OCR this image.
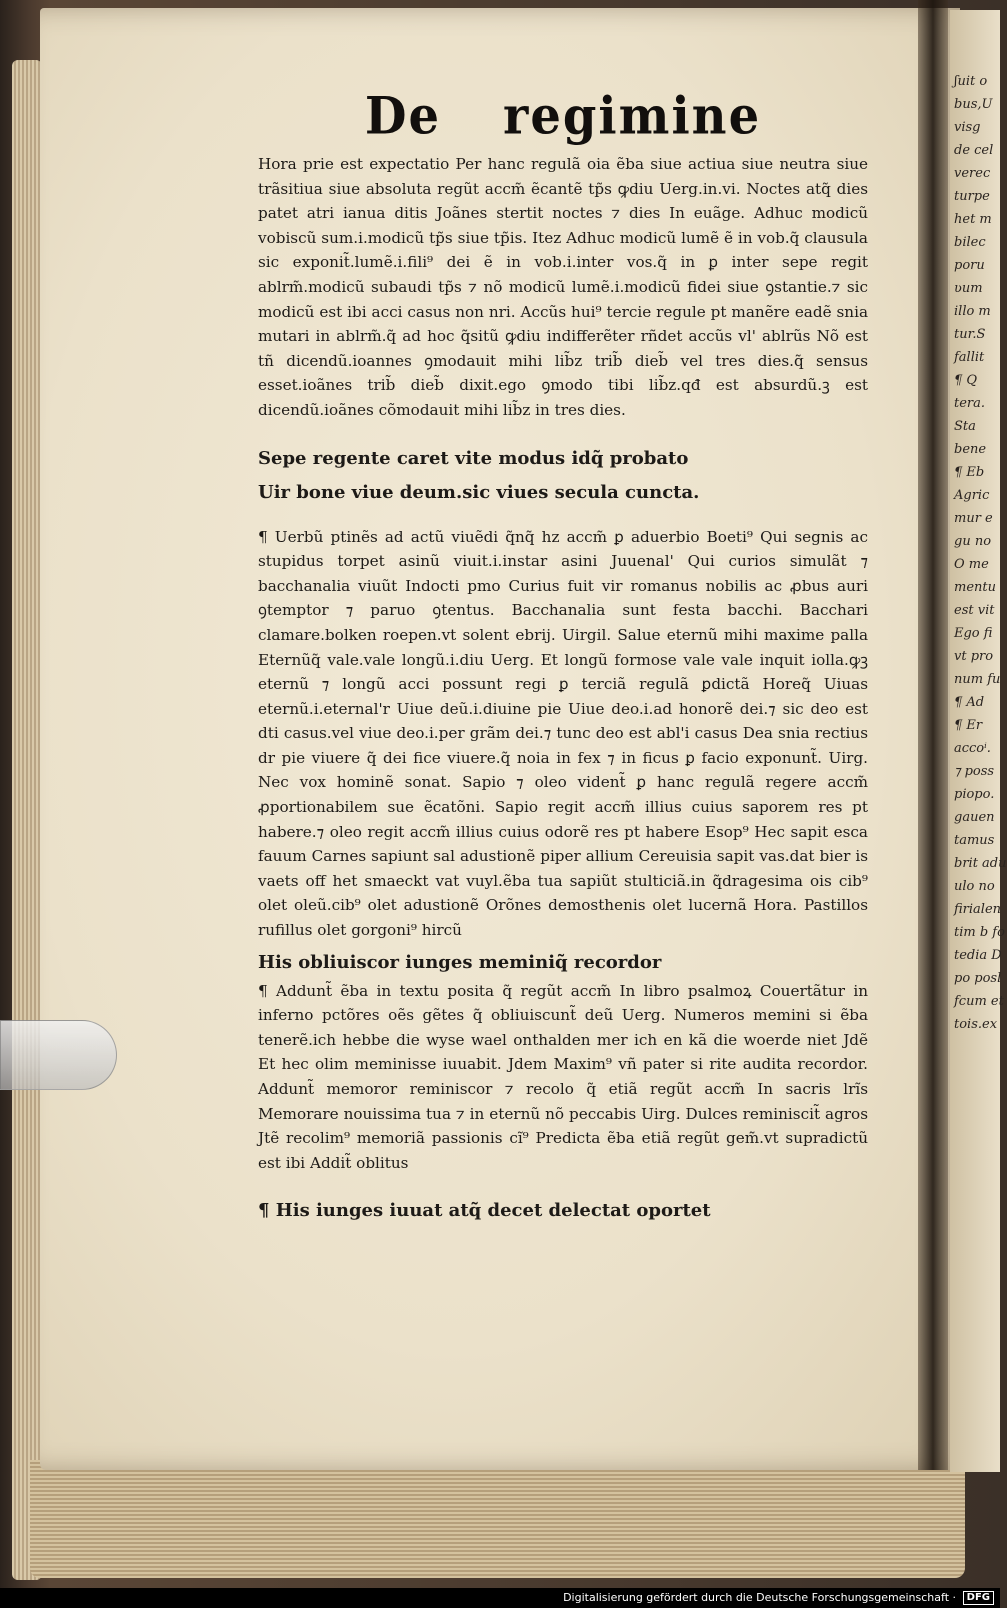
ʃuit o
bus,U
visg
de cel
verec
turpe
het m
bilec
poru
ʋum
illo m
tur.S
fallit
¶ Q
tera.
Sta
bene
¶ Eb
Agric
mur e
gu no
O me
mentu
est vit
Ego fi
vt pro
num fu
¶ Ad
¶ Er
accoⁱ.
⁊ poss
piopo.
gauen
tamus
brit adu
ulo no
firialen
tim b fo
tedia D
po posl
fcum et
tois.ex
De regimine

Hora prie est expectatio Per hanc regulã oia ẽba siue actiua siue neutra siue trãsitiua siue absoluta regũt accm̃ ẽcantẽ tp̃s ꝙdiu Uerg.in.vi. Noctes atq̃ dies patet atri ianua ditis Joãnes stertit noctes ⁊ dies In euãge. Adhuc modicũ vobiscũ sum.i.modicũ tp̃s siue tp̃is. Itez Adhuc modicũ lumẽ ẽ in vob.q̃ clausula sic exponit̃.lumẽ.i.fili⁹ dei ẽ in vob.i.inter vos.q̃ in ꝑ inter sepe regit ablrm̃.modicũ subaudi tp̃s ⁊ nõ modicũ lumẽ.i.modicũ fidei siue ꝯstantie.⁊ sic modicũ est ibi acci casus non nri. Accũs hui⁹ tercie regule pt manẽre eadẽ snia mutari in ablrm̃.q̃ ad hoc q̃sitũ ꝙdiu indifferẽter rñdet accũs vl' ablrũs Nõ est tñ dicendũ.ioannes ꝯmodauit mihi lib̃z trib̃ dieb̃ vel tres dies.q̃ sensus esset.ioãnes trib̃ dieb̃ dixit.ego ꝯmodo tibi lib̃z.qđ est absurdũ.ꝫ est dicendũ.ioãnes cõmodauit mihi lib̃z in tres dies.

Sepe regente caret vite modus idq̃ probato

Uir bone viue deum.sic viues secula cuncta.

¶ Uerbũ ptinẽs ad actũ viuẽdi q̃nq̃ hz accm̃ ꝑ aduerbio Boeti⁹ Qui segnis ac stupidus torpet asinũ viuit.i.instar asini Juuenal' Qui curios simulãt ⁊ bacchanalia viuũt Indocti pmo Curius fuit vir romanus nobilis ac ꝓbus auri ꝯtemptor ⁊ paruo ꝯtentus. Bacchanalia sunt festa bacchi. Bacchari clamare.bolken roepen.vt solent ebrij. Uirgil. Salue eternũ mihi maxime palla Eternũq̃ vale.vale longũ.i.diu Uerg. Et longũ formose vale vale inquit iolla.ꝙꝫ eternũ ⁊ longũ acci possunt regi ꝑ terciã regulã ꝑdictã Horeq̃ Uiuas eternũ.i.eternal'r Uiue deũ.i.diuine pie Uiue deo.i.ad honorẽ dei.⁊ sic deo est dti casus.vel viue deo.i.per grãm dei.⁊ tunc deo est abl'i casus Dea snia rectius dr pie viuere q̃ dei fice viuere.q̃ noia in fex ⁊ in ficus ꝑ facio exponunt̃. Uirg. Nec vox hominẽ sonat. Sapio ⁊ oleo vident̃ ꝑ hanc regulã regere accm̃ ꝓportionabilem sue ẽcatõni. Sapio regit accm̃ illius cuius saporem res pt habere.⁊ oleo regit accm̃ illius cuius odorẽ res pt habere Esop⁹ Hec sapit esca fauum Carnes sapiunt sal adustionẽ piper allium Cereuisia sapit vas.dat bier is vaets off het smaeckt vat vuyl.ẽba tua sapiũt stulticiã.in q̃dragesima ois cib⁹ olet oleũ.cib⁹ olet adustionẽ Orõnes demosthenis olet lucernã Hora. Pastillos rufillus olet gorgoni⁹ hircũ

His obliuiscor iunges meminiq̃ recordor

¶ Addunt̃ ẽba in textu posita q̃ regũt accm̃ In libro psalmoꝝ Couertãtur in inferno pctõres oẽs gẽtes q̃ obliuiscunt̃ deũ Uerg. Numeros memini si ẽba tenerẽ.ich hebbe die wyse wael onthalden mer ich en kã die woerde niet Jdẽ Et hec olim meminisse iuuabit. Jdem Maxim⁹ vñ pater si rite audita recordor. Addunt̃ memoror reminiscor ⁊ recolo q̃ etiã regũt accm̃ In sacris lrĩs Memorare nouissima tua ⁊ in eternũ nõ peccabis Uirg. Dulces reminiscit̃ agros Jtẽ recolim⁹ memoriã passionis cĩ⁹ Predicta ẽba etiã regũt gem̃.vt supradictũ est ibi Addit̃ oblitus

¶ His iunges iuuat atq̃ decet delectat oportet

Digitalisierung gefördert durch die Deutsche Forschungsgemeinschaft ·	DFG
